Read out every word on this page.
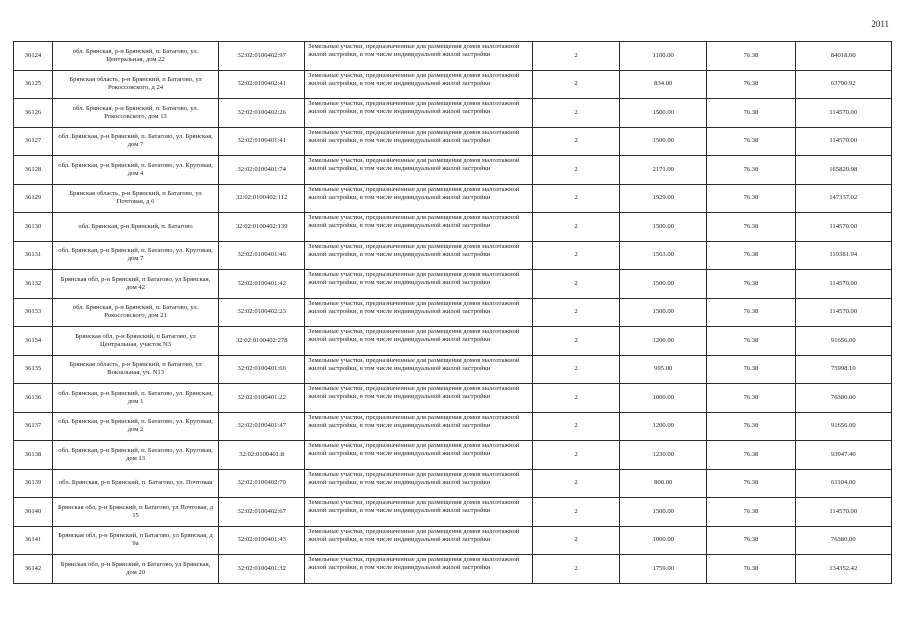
2011
36124	обл. Брянская, р-н Брянский, п. Батагово, ул. Центральная, дом 22	32:02:0100402:97	Земельные участки, предназначенные для размещения домов малоэтажной жилой застройки, в том числе индивидуальной жилой застройки	2	1100.00	76.38	84018.00
36125	Брянская область, р-н Брянский, п Батагово, ул Рокоссовского, д 24	32:02:0100402:41	Земельные участки, предназначенные для размещения домов малоэтажной жилой застройки, в том числе индивидуальной жилой застройки	2	834.00	76.38	63700.92
36126	обл. Брянская, р-н Брянский, п. Батагово, ул. Рокоссовского, дом 13	32:02:0100402:26	Земельные участки, предназначенные для размещения домов малоэтажной жилой застройки, в том числе индивидуальной жилой застройки	2	1500.00	76.38	114570.00
36127	обл. Брянская, р-н Брянский, п. Батагово, ул. Брянская, дом 7	32:02:0100401:41	Земельные участки, предназначенные для размещения домов малоэтажной жилой застройки, в том числе индивидуальной жилой застройки	2	1500.00	76.38	114570.00
36128	обл. Брянская, р-н Брянский, п. Батагово, ул. Круговая, дом 4	32:02:0100401:74	Земельные участки, предназначенные для размещения домов малоэтажной жилой застройки, в том числе индивидуальной жилой застройки	2	2171.00	76.38	165820.98
36129	Брянская область, р-н Брянский, п Батагово, ул Почтовая, д 6	32:02:0100402:112	Земельные участки, предназначенные для размещения домов малоэтажной жилой застройки, в том числе индивидуальной жилой застройки	2	1929.00	76.38	147337.02
36130	обл. Брянская, р-н Брянский, п. Батагово	32:02:0100402:139	Земельные участки, предназначенные для размещения домов малоэтажной жилой застройки, в том числе индивидуальной жилой застройки	2	1500.00	76.38	114570.00
36131	обл. Брянская, р-н Брянский, п. Батагово, ул. Круговая, дом 7	32:02:0100401:46	Земельные участки, предназначенные для размещения домов малоэтажной жилой застройки, в том числе индивидуальной жилой застройки	2	1563.00	76.38	119381.94
36132	Брянская обл, р-н Брянский, п Батагово, ул Брянская, дом 42	32:02:0100401:42	Земельные участки, предназначенные для размещения домов малоэтажной жилой застройки, в том числе индивидуальной жилой застройки	2	1500.00	76.38	114570.00
36133	обл. Брянская, р-н Брянский, п. Батагово, ул. Рокоссовского, дом 21	32:02:0100402:23	Земельные участки, предназначенные для размещения домов малоэтажной жилой застройки, в том числе индивидуальной жилой застройки	2	1500.00	76.38	114570.00
36134	Брянская обл, р-н Брянский, п Батагово, ул Центральная, участок N3	32:02:0100402:278	Земельные участки, предназначенные для размещения домов малоэтажной жилой застройки, в том числе индивидуальной жилой застройки	2	1200.00	76.38	91656.00
36135	Брянская область, р-н Брянский, п Батагово, ул Вокзальная, уч. N13	32:02:0100401:66	Земельные участки, предназначенные для размещения домов малоэтажной жилой застройки, в том числе индивидуальной жилой застройки	2	995.00	76.38	75998.10
36136	обл. Брянская, р-н Брянский, п. Батагово, ул. Брянская, дом 1	32:02:0100401:22	Земельные участки, предназначенные для размещения домов малоэтажной жилой застройки, в том числе индивидуальной жилой застройки	2	1000.00	76.38	76380.00
36137	обл. Брянская, р-н Брянский, п. Батагово, ул. Круговая, дом 2	32:02:0100401:47	Земельные участки, предназначенные для размещения домов малоэтажной жилой застройки, в том числе индивидуальной жилой застройки	2	1200.00	76.38	91656.00
36138	обл. Брянская, р-н Брянский, п. Батагово, ул. Круговая, дом 13	32:02:0100401:8	Земельные участки, предназначенные для размещения домов малоэтажной жилой застройки, в том числе индивидуальной жилой застройки	2	1230.00	76.38	93947.40
36139	обл. Брянская, р-н Брянский, п. Батагово, ул. Почтовая	32:02:0100402:70	Земельные участки, предназначенные для размещения домов малоэтажной жилой застройки, в том числе индивидуальной жилой застройки	2	800.00	76.38	61104.00
36140	Брянская обл, р-н Брянский, п Батагово, ул Почтовая, д 15	32:02:0100402:67	Земельные участки, предназначенные для размещения домов малоэтажной жилой застройки, в том числе индивидуальной жилой застройки	2	1500.00	76.38	114570.00
36141	Брянская обл, р-н Брянский, п Батагово, ул Брянская, д 9а	32:02:0100401:43	Земельные участки, предназначенные для размещения домов малоэтажной жилой застройки, в том числе индивидуальной жилой застройки	2	1000.00	76.38	76380.00
36142	Брянская обл, р-н Брянский, п Батагово, ул Брянская, дом 20	32:02:0100401:32	Земельные участки, предназначенные для размещения домов малоэтажной жилой застройки, в том числе индивидуальной жилой застройки	2	1759.00	76.38	134352.42
